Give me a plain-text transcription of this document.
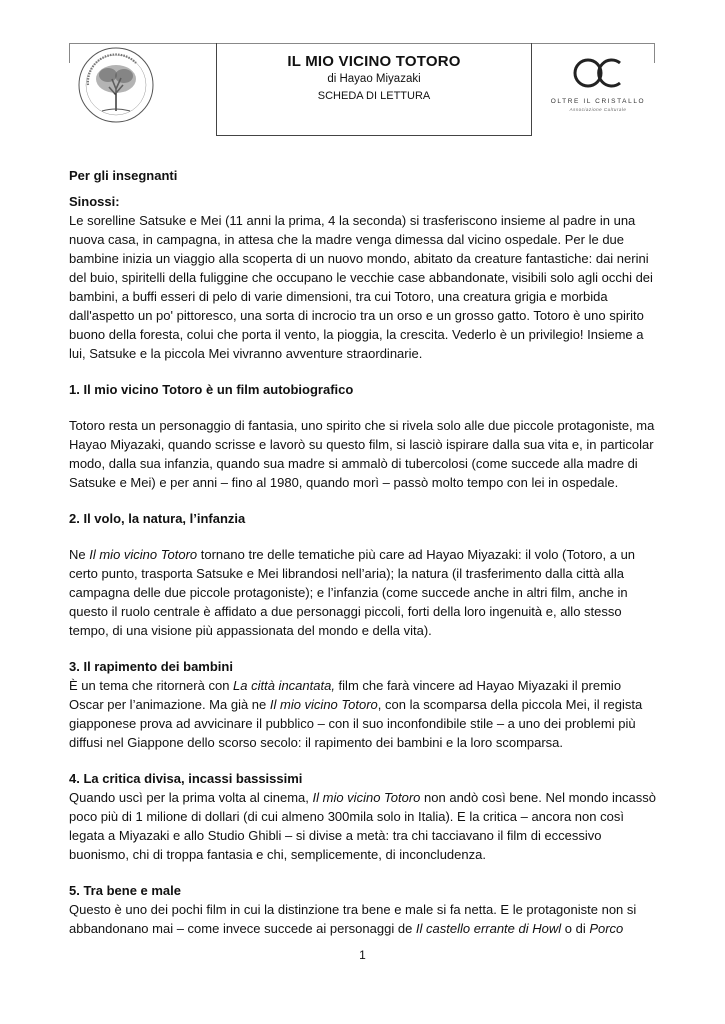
IL MIO VICINO TOTORO
di Hayao Miyazaki
SCHEDA DI LETTURA	OLTRE IL CRISTALLO
Associazione Culturale

Per gli insegnanti

Sinossi:

Le sorelline Satsuke e Mei (11 anni la prima, 4 la seconda) si trasferiscono insieme al padre in una nuova casa, in campagna, in attesa che la madre venga dimessa dal vicino ospedale. Per le due bambine inizia un viaggio alla scoperta di un nuovo mondo, abitato da creature fantastiche: dai nerini del buio, spiritelli della fuliggine che occupano le vecchie case abbandonate, visibili solo agli occhi dei bambini, a buffi esseri di pelo di varie dimensioni, tra cui Totoro, una creatura grigia e morbida dall'aspetto un po' pittoresco, una sorta di incrocio tra un orso e un grosso gatto. Totoro è uno spirito buono della foresta, colui che porta il vento, la pioggia, la crescita. Vederlo è un privilegio! Insieme a lui, Satsuke e la piccola Mei vivranno avventure straordinarie.

1. Il mio vicino Totoro è un film autobiografico

Totoro resta un personaggio di fantasia, uno spirito che si rivela solo alle due piccole protagoniste, ma Hayao Miyazaki, quando scrisse e lavorò su questo film, si lasciò ispirare dalla sua vita e, in particolar modo, dalla sua infanzia, quando sua madre si ammalò di tubercolosi (come succede alla madre di Satsuke e Mei) e per anni – fino al 1980, quando morì – passò molto tempo con lei in ospedale.

2. Il volo, la natura, l’infanzia

Ne Il mio vicino Totoro tornano tre delle tematiche più care ad Hayao Miyazaki: il volo (Totoro, a un certo punto, trasporta Satsuke e Mei librandosi nell’aria); la natura (il trasferimento dalla città alla campagna delle due piccole protagoniste); e l’infanzia (come succede anche in altri film, anche in questo il ruolo centrale è affidato a due personaggi piccoli, forti della loro ingenuità e, allo stesso tempo, di una visione più appassionata del mondo e della vita).

3. Il rapimento dei bambini

È un tema che ritornerà con La città incantata, film che farà vincere ad Hayao Miyazaki il premio Oscar per l’animazione. Ma già ne Il mio vicino Totoro, con la scomparsa della piccola Mei, il regista giapponese prova ad avvicinare il pubblico – con il suo inconfondibile stile – a uno dei problemi più diffusi nel Giappone dello scorso secolo: il rapimento dei bambini e la loro scomparsa.

4. La critica divisa, incassi bassissimi

Quando uscì per la prima volta al cinema, Il mio vicino Totoro non andò così bene. Nel mondo incassò poco più di 1 milione di dollari (di cui almeno 300mila solo in Italia). E la critica – ancora non così legata a Miyazaki e allo Studio Ghibli – si divise a metà: tra chi tacciavano il film di eccessivo buonismo, chi di troppa fantasia e chi, semplicemente, di inconcludenza.

5. Tra bene e male

Questo è uno dei pochi film in cui la distinzione tra bene e male si fa netta. E le protagoniste non si abbandonano mai – come invece succede ai personaggi de Il castello errante di Howl o di Porco

1
